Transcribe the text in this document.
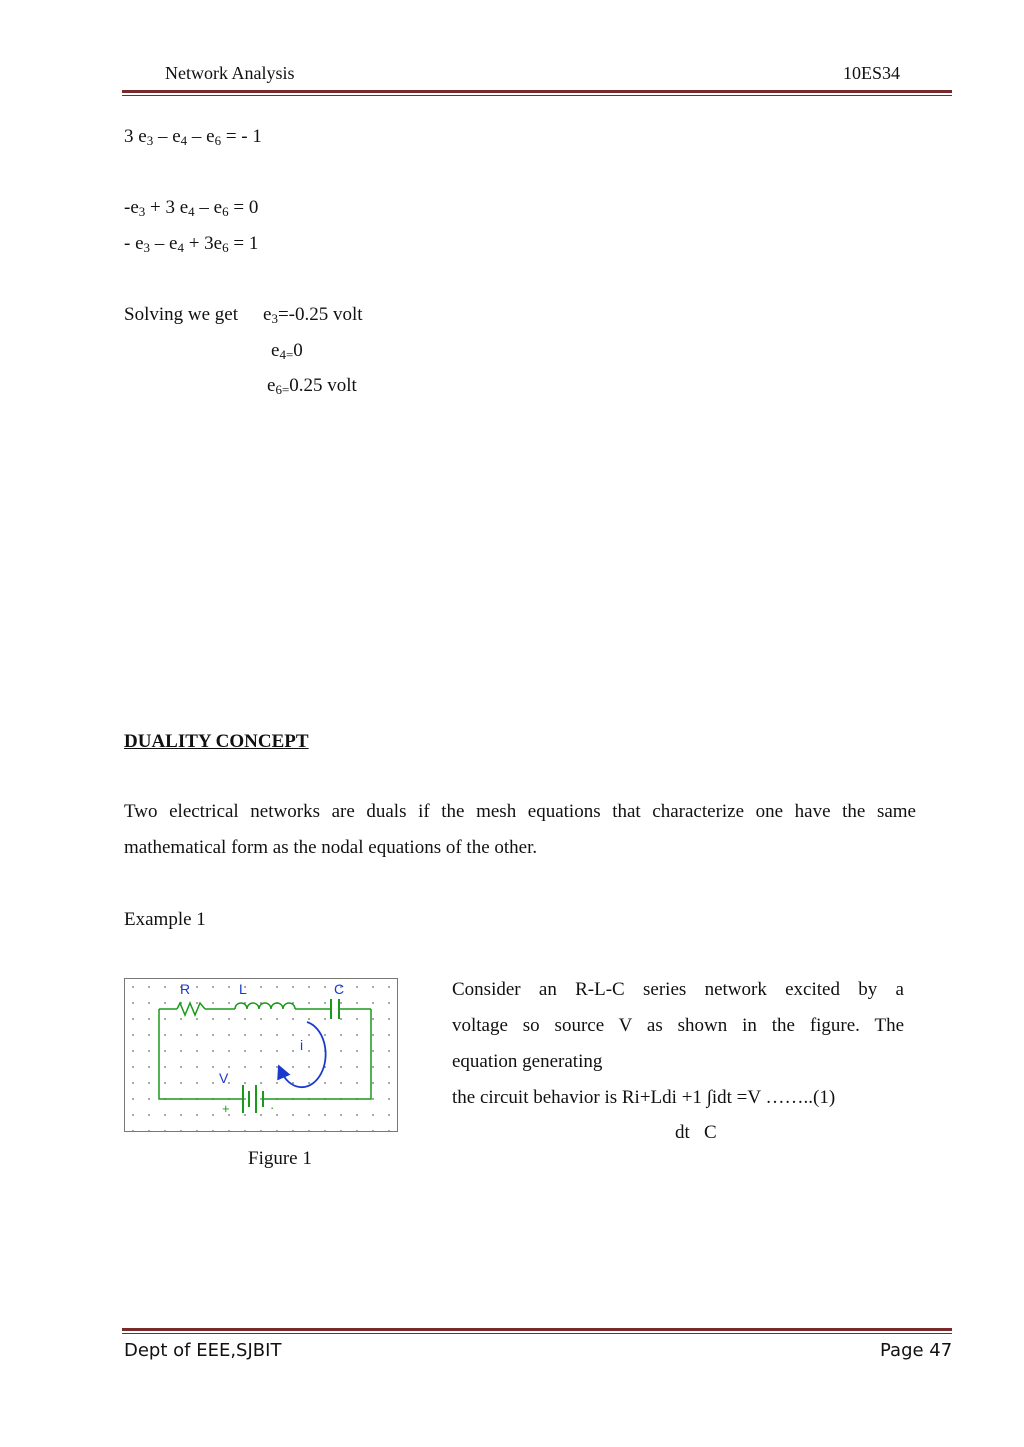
Network Analysis	10ES34
3 $e_3 - e_4 - e_6$ = - 1
$-e_3 + 3$ $e_4 - e_6 = 0$
- $e_3 - e_4 + 3e_6 = 1$
Solving we get $e_3=-0.25$ volt
$e_{4=}0$
$e_{6=}0.25$ volt
DUALITY CONCEPT
Two electrical networks are duals if the mesh equations that characterize one have the same
mathematical form as the nodal equations of the other.
Example 1
R	L	C
i
V
+	·
Figure 1
Consider an R-L-C series network excited by a
voltage so source V as shown in the figure. The
equation generating
the circuit behavior is Ri+Ldi +1 ∫idt =V ……..(1)
dt   C
Dept of EEE,SJBIT	Page 47
